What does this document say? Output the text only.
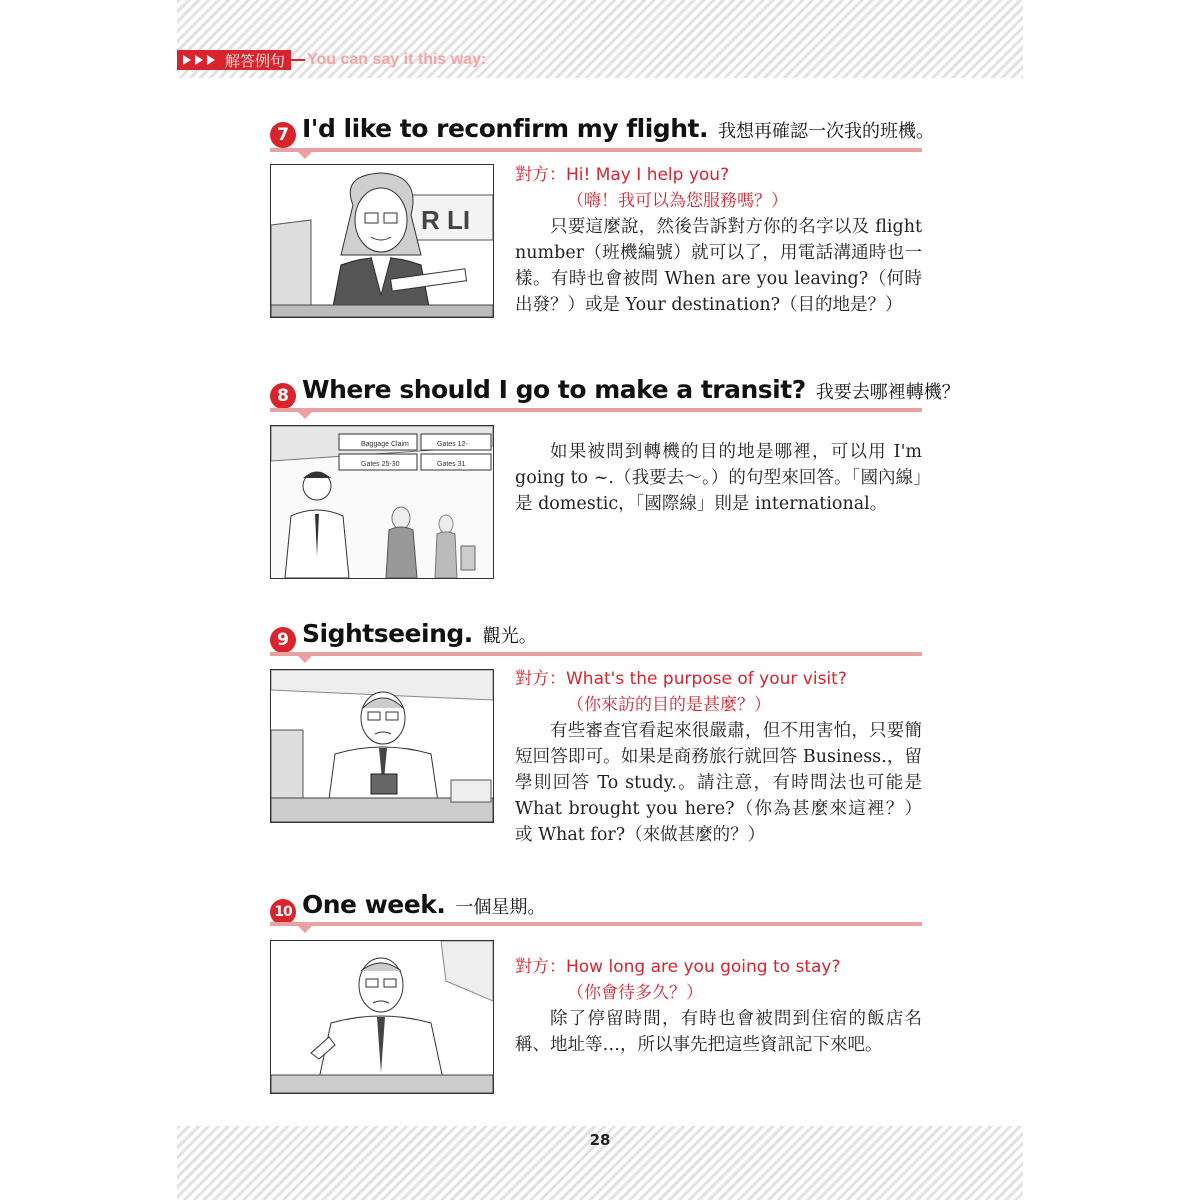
解答例句 You can say it this way:
7 I'd like to reconfirm my flight. 我想再確認一次我的班機。
R LI
對方：Hi! May I help you?
（嗨！我可以為您服務嗎？）
只要這麼說，然後告訴對方你的名字以及 flight number（班機編號）就可以了，用電話溝通時也一樣。有時也會被問 When are you leaving?（何時出發？）或是 Your destination?（目的地是？）
8 Where should I go to make a transit? 我要去哪裡轉機？
Baggage Claim	Gates 12-
Gates 25-30	Gates 31
如果被問到轉機的目的地是哪裡，可以用 I'm going to ~.（我要去～。）的句型來回答。「國內線」是 domestic，「國際線」則是 international。
9 Sightseeing. 觀光。
對方：What's the purpose of your visit?
（你來訪的目的是甚麼？）
有些審查官看起來很嚴肅，但不用害怕，只要簡短回答即可。如果是商務旅行就回答 Business.，留學則回答 To study.。請注意，有時問法也可能是 What brought you here?（你為甚麼來這裡？）或 What for?（來做甚麼的？）
10 One week. 一個星期。
對方：How long are you going to stay?
（你會待多久？）
除了停留時間，有時也會被問到住宿的飯店名稱、地址等…，所以事先把這些資訊記下來吧。
28
